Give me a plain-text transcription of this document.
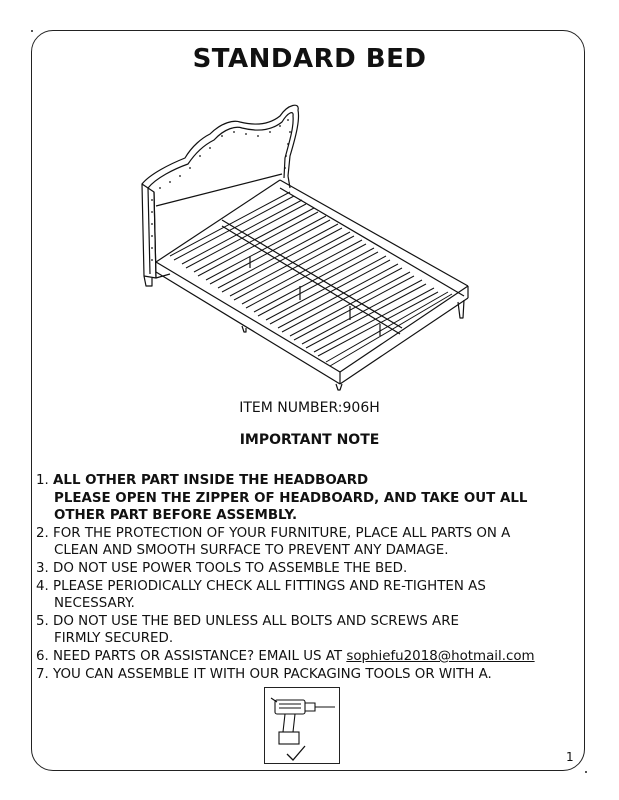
STANDARD BED
ITEM NUMBER:906H
IMPORTANT NOTE

1. ALL OTHER PART INSIDE THE HEADBOARD

PLEASE OPEN THE ZIPPER OF HEADBOARD, AND TAKE OUT ALL

OTHER PART BEFORE ASSEMBLY.

2. FOR THE PROTECTION OF YOUR FURNITURE, PLACE ALL PARTS ON A

CLEAN AND SMOOTH SURFACE TO PREVENT ANY DAMAGE.

3. DO NOT USE POWER TOOLS TO ASSEMBLE THE BED.

4. PLEASE PERIODICALLY CHECK ALL FITTINGS AND RE-TIGHTEN AS

NECESSARY.

5. DO NOT USE THE BED UNLESS ALL BOLTS AND SCREWS ARE

FIRMLY SECURED.

6. NEED PARTS OR ASSISTANCE? EMAIL US AT sophiefu2018@hotmail.com

7. YOU CAN ASSEMBLE IT WITH OUR PACKAGING TOOLS OR WITH A.

1
